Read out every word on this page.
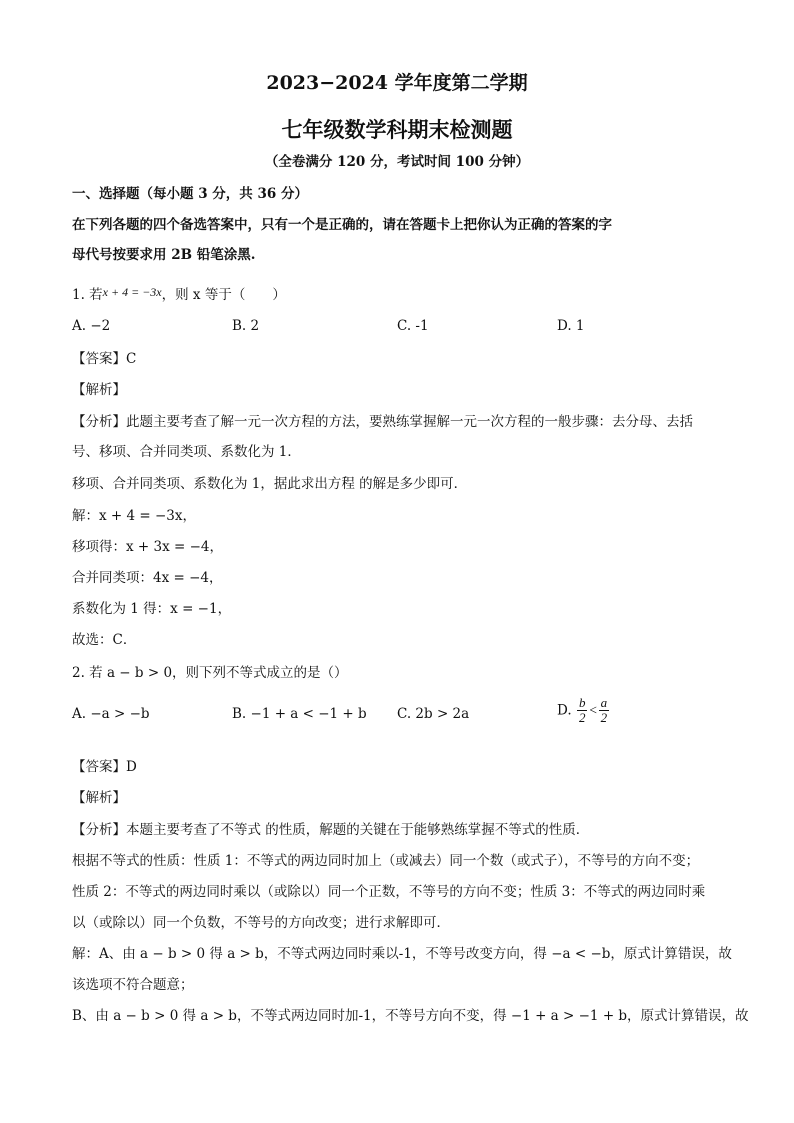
2023−2024 学年度第二学期
七年级数学科期末检测题
（全卷满分 120 分，考试时间 100 分钟）
一、选择题（每小题 3 分，共 36 分）
在下列各题的四个备选答案中，只有一个是正确的，请在答题卡上把你认为正确的答案的字
母代号按要求用 2B 铅笔涂黑.
1. 若x + 4 = −3x，则 x 等于（　　）
A. −2	B. 2	C. -1	D. 1
【答案】C
【解析】
【分析】此题主要考查了解一元一次方程的方法，要熟练掌握解一元一次方程的一般步骤：去分母、去括
号、移项、合并同类项、系数化为 1．
移项、合并同类项、系数化为 1，据此求出方程 的解是多少即可．
解：x + 4 = −3x，
移项得：x + 3x = −4，
合并同类项：4x = −4，
系数化为 1 得：x = −1，
故选：C．
2. 若 a − b > 0，则下列不等式成立的是（）
A. −a > −b	B. −1 + a < −1 + b C. 2b > 2a	D. $\frac{b}{2} < \frac{a}{2}$
【答案】D
【解析】
【分析】本题主要考查了不等式 的性质，解题的关键在于能够熟练掌握不等式的性质．
根据不等式的性质：性质 1：不等式的两边同时加上（或减去）同一个数（或式子），不等号的方向不变；
性质 2：不等式的两边同时乘以（或除以）同一个正数，不等号的方向不变；性质 3：不等式的两边同时乘
以（或除以）同一个负数，不等号的方向改变；进行求解即可．
解：A、由 a − b > 0 得 a > b，不等式两边同时乘以-1，不等号改变方向，得 −a < −b，原式计算错误，故
该选项不符合题意；
B、由 a − b > 0 得 a > b，不等式两边同时加-1，不等号方向不变，得 −1 + a > −1 + b，原式计算错误，故
